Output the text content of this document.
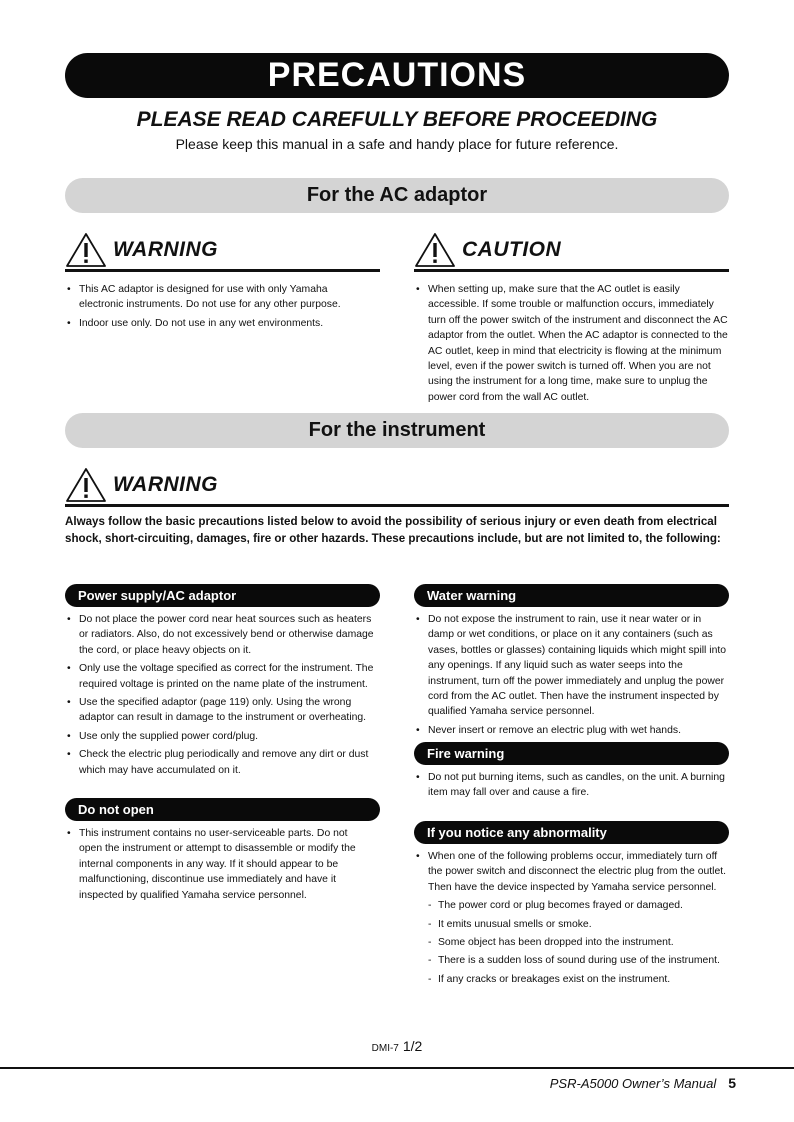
PRECAUTIONS
PLEASE READ CAREFULLY BEFORE PROCEEDING
Please keep this manual in a safe and handy place for future reference.
For the AC adaptor
WARNING	CAUTION
• This AC adaptor is designed for use with only Yamaha electronic instruments. Do not use for any other purpose.
• Indoor use only. Do not use in any wet environments.
• When setting up, make sure that the AC outlet is easily accessible. If some trouble or malfunction occurs, immediately turn off the power switch of the instrument and disconnect the AC adaptor from the outlet. When the AC adaptor is connected to the AC outlet, keep in mind that electricity is flowing at the minimum level, even if the power switch is turned off. When you are not using the instrument for a long time, make sure to unplug the power cord from the wall AC outlet.
For the instrument
WARNING
Always follow the basic precautions listed below to avoid the possibility of serious injury or even death from electrical shock, short-circuiting, damages, fire or other hazards. These precautions include, but are not limited to, the following:
Power supply/AC adaptor
• Do not place the power cord near heat sources such as heaters or radiators. Also, do not excessively bend or otherwise damage the cord, or place heavy objects on it.
• Only use the voltage specified as correct for the instrument. The required voltage is printed on the name plate of the instrument.
• Use the specified adaptor (page 119) only. Using the wrong adaptor can result in damage to the instrument or overheating.
• Use only the supplied power cord/plug.
• Check the electric plug periodically and remove any dirt or dust which may have accumulated on it.
Do not open
• This instrument contains no user-serviceable parts. Do not open the instrument or attempt to disassemble or modify the internal components in any way. If it should appear to be malfunctioning, discontinue use immediately and have it inspected by qualified Yamaha service personnel.
Water warning
• Do not expose the instrument to rain, use it near water or in damp or wet conditions, or place on it any containers (such as vases, bottles or glasses) containing liquids which might spill into any openings. If any liquid such as water seeps into the instrument, turn off the power immediately and unplug the power cord from the AC outlet. Then have the instrument inspected by qualified Yamaha service personnel.
• Never insert or remove an electric plug with wet hands.
Fire warning
• Do not put burning items, such as candles, on the unit. A burning item may fall over and cause a fire.
If you notice any abnormality
• When one of the following problems occur, immediately turn off the power switch and disconnect the electric plug from the outlet. Then have the device inspected by Yamaha service personnel.
- The power cord or plug becomes frayed or damaged.
- It emits unusual smells or smoke.
- Some object has been dropped into the instrument.
- There is a sudden loss of sound during use of the instrument.
- If any cracks or breakages exist on the instrument.
DMI-7 1/2
PSR-A5000 Owner’s Manual 5
